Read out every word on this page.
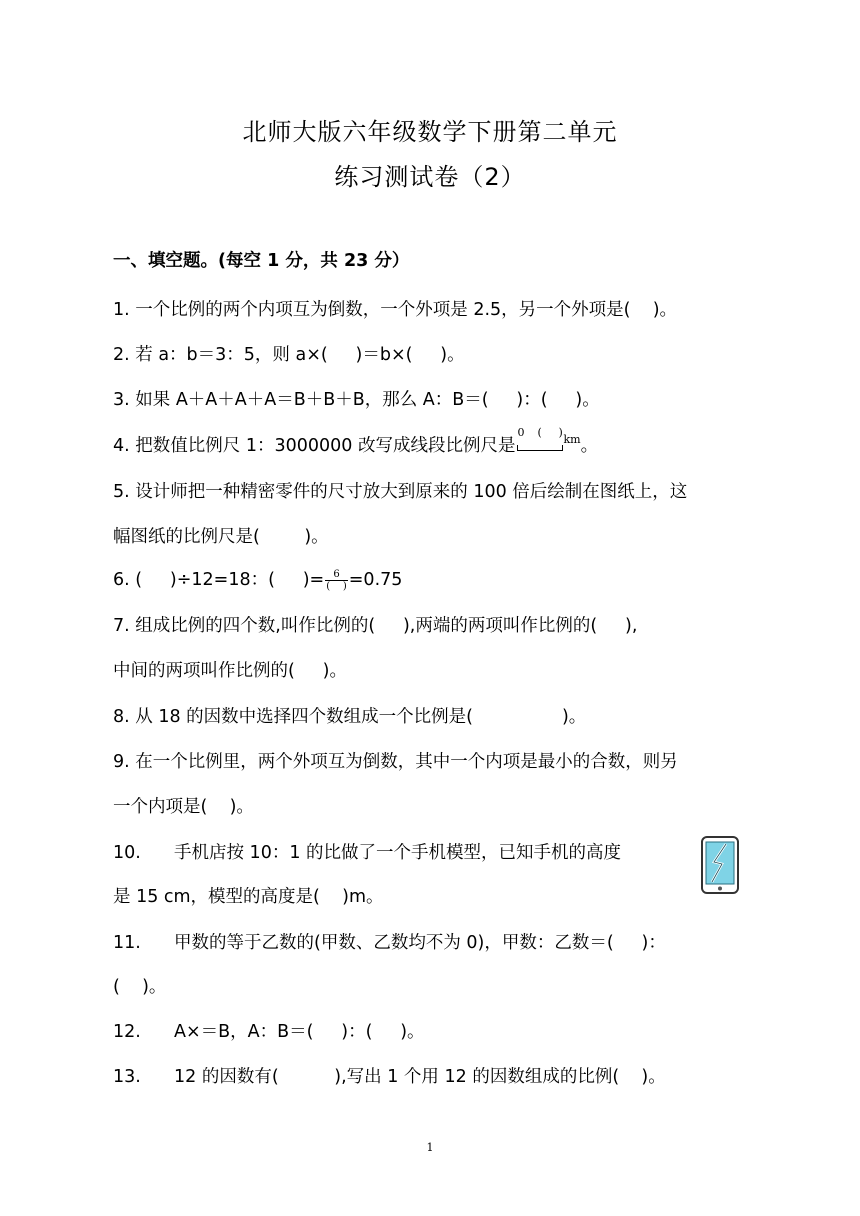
北师大版六年级数学下册第二单元
练习测试卷（2）
一、填空题。(每空 1 分，共 23 分）
1. 一个比例的两个内项互为倒数，一个外项是 2.5，另一个外项是(    )。
2. 若 a：b＝3：5，则 a×(     )＝b×(     )。
3. 如果 A＋A＋A＋A＝B＋B＋B，那么 A：B＝(     )：(     )。
4. 把数值比例尺 1：3000000 改写成线段比例尺是
0 ( )
$^{km}$。
5. 设计师把一种精密零件的尺寸放大到原来的 100 倍后绘制在图纸上，这
幅图纸的比例尺是(        )。
6. (     )÷12=18：(     )= $\frac{6}{( )} =0.75$
7. 组成比例的四个数,叫作比例的(     ),两端的两项叫作比例的(     ),
中间的两项叫作比例的(     )。
8. 从 18 的因数中选择四个数组成一个比例是(                )。
9. 在一个比例里，两个外项互为倒数，其中一个内项是最小的合数，则另
一个内项是(    )。
10. 手机店按 10：1 的比做了一个手机模型，已知手机的高度
是 15 cm，模型的高度是(    )m。
11. 甲数的等于乙数的(甲数、乙数均不为 0)，甲数：乙数＝(     )：
(    )。
12. A×＝B，A：B＝(     )：(     )。
13. 12 的因数有(          ),写出 1 个用 12 的因数组成的比例(    )。
1
